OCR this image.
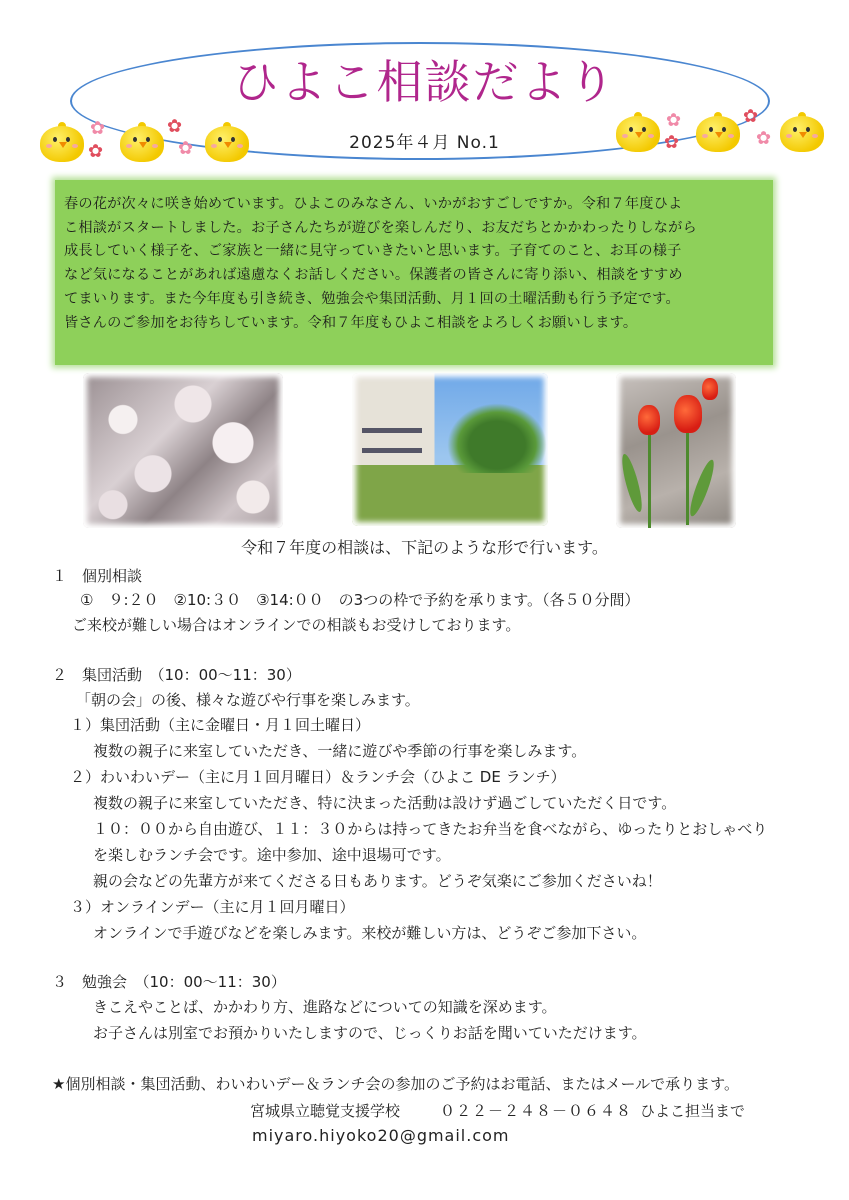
ひよこ相談だより
2025年４月 No.1
✿
✿
✿
✿
✿
✿
✿
✿

春の花が次々に咲き始めています。ひよこのみなさん、いかがおすごしですか。令和７年度ひよ

こ相談がスタートしました。お子さんたちが遊びを楽しんだり、お友だちとかかわったりしながら

成長していく様子を、ご家族と一緒に見守っていきたいと思います。子育てのこと、お耳の様子

など気になることがあれば遠慮なくお話しください。保護者の皆さんに寄り添い、相談をすすめ

てまいります。また今年度も引き続き、勉強会や集団活動、月１回の土曜活動も行う予定です。

皆さんのご参加をお待ちしています。令和７年度もひよこ相談をよろしくお願いします。

令和７年度の相談は、下記のような形で行います。
１　個別相談
①　９:２０　②10:３０　③14:００　の3つの枠で予約を承ります。（各５０分間）
ご来校が難しい場合はオンラインでの相談もお受けしております。
２　集団活動　（10：00～11：30）
「朝の会」の後、様々な遊びや行事を楽しみます。
１）集団活動（主に金曜日・月１回土曜日）
複数の親子に来室していただき、一緒に遊びや季節の行事を楽しみます。
２）わいわいデー（主に月１回月曜日）＆ランチ会（ひよこ DE ランチ）
複数の親子に来室していただき、特に決まった活動は設けず過ごしていただく日です。
１０：００から自由遊び、１１：３０からは持ってきたお弁当を食べながら、ゆったりとおしゃべり
を楽しむランチ会です。途中参加、途中退場可です。
親の会などの先輩方が来てくださる日もあります。どうぞ気楽にご参加くださいね！
３）オンラインデー（主に月１回月曜日）
オンラインで手遊びなどを楽しみます。来校が難しい方は、どうぞご参加下さい。
３　勉強会　（10：00～11：30）
きこえやことば、かかわり方、進路などについての知識を深めます。
お子さんは別室でお預かりいたしますので、じっくりお話を聞いていただけます。
★個別相談・集団活動、わいわいデー＆ランチ会の参加のご予約はお電話、またはメールで承ります。
宮城県立聴覚支援学校	０２２－２４８－０６４８ ひよこ担当まで
miyaro.hiyoko20@gmail.com
